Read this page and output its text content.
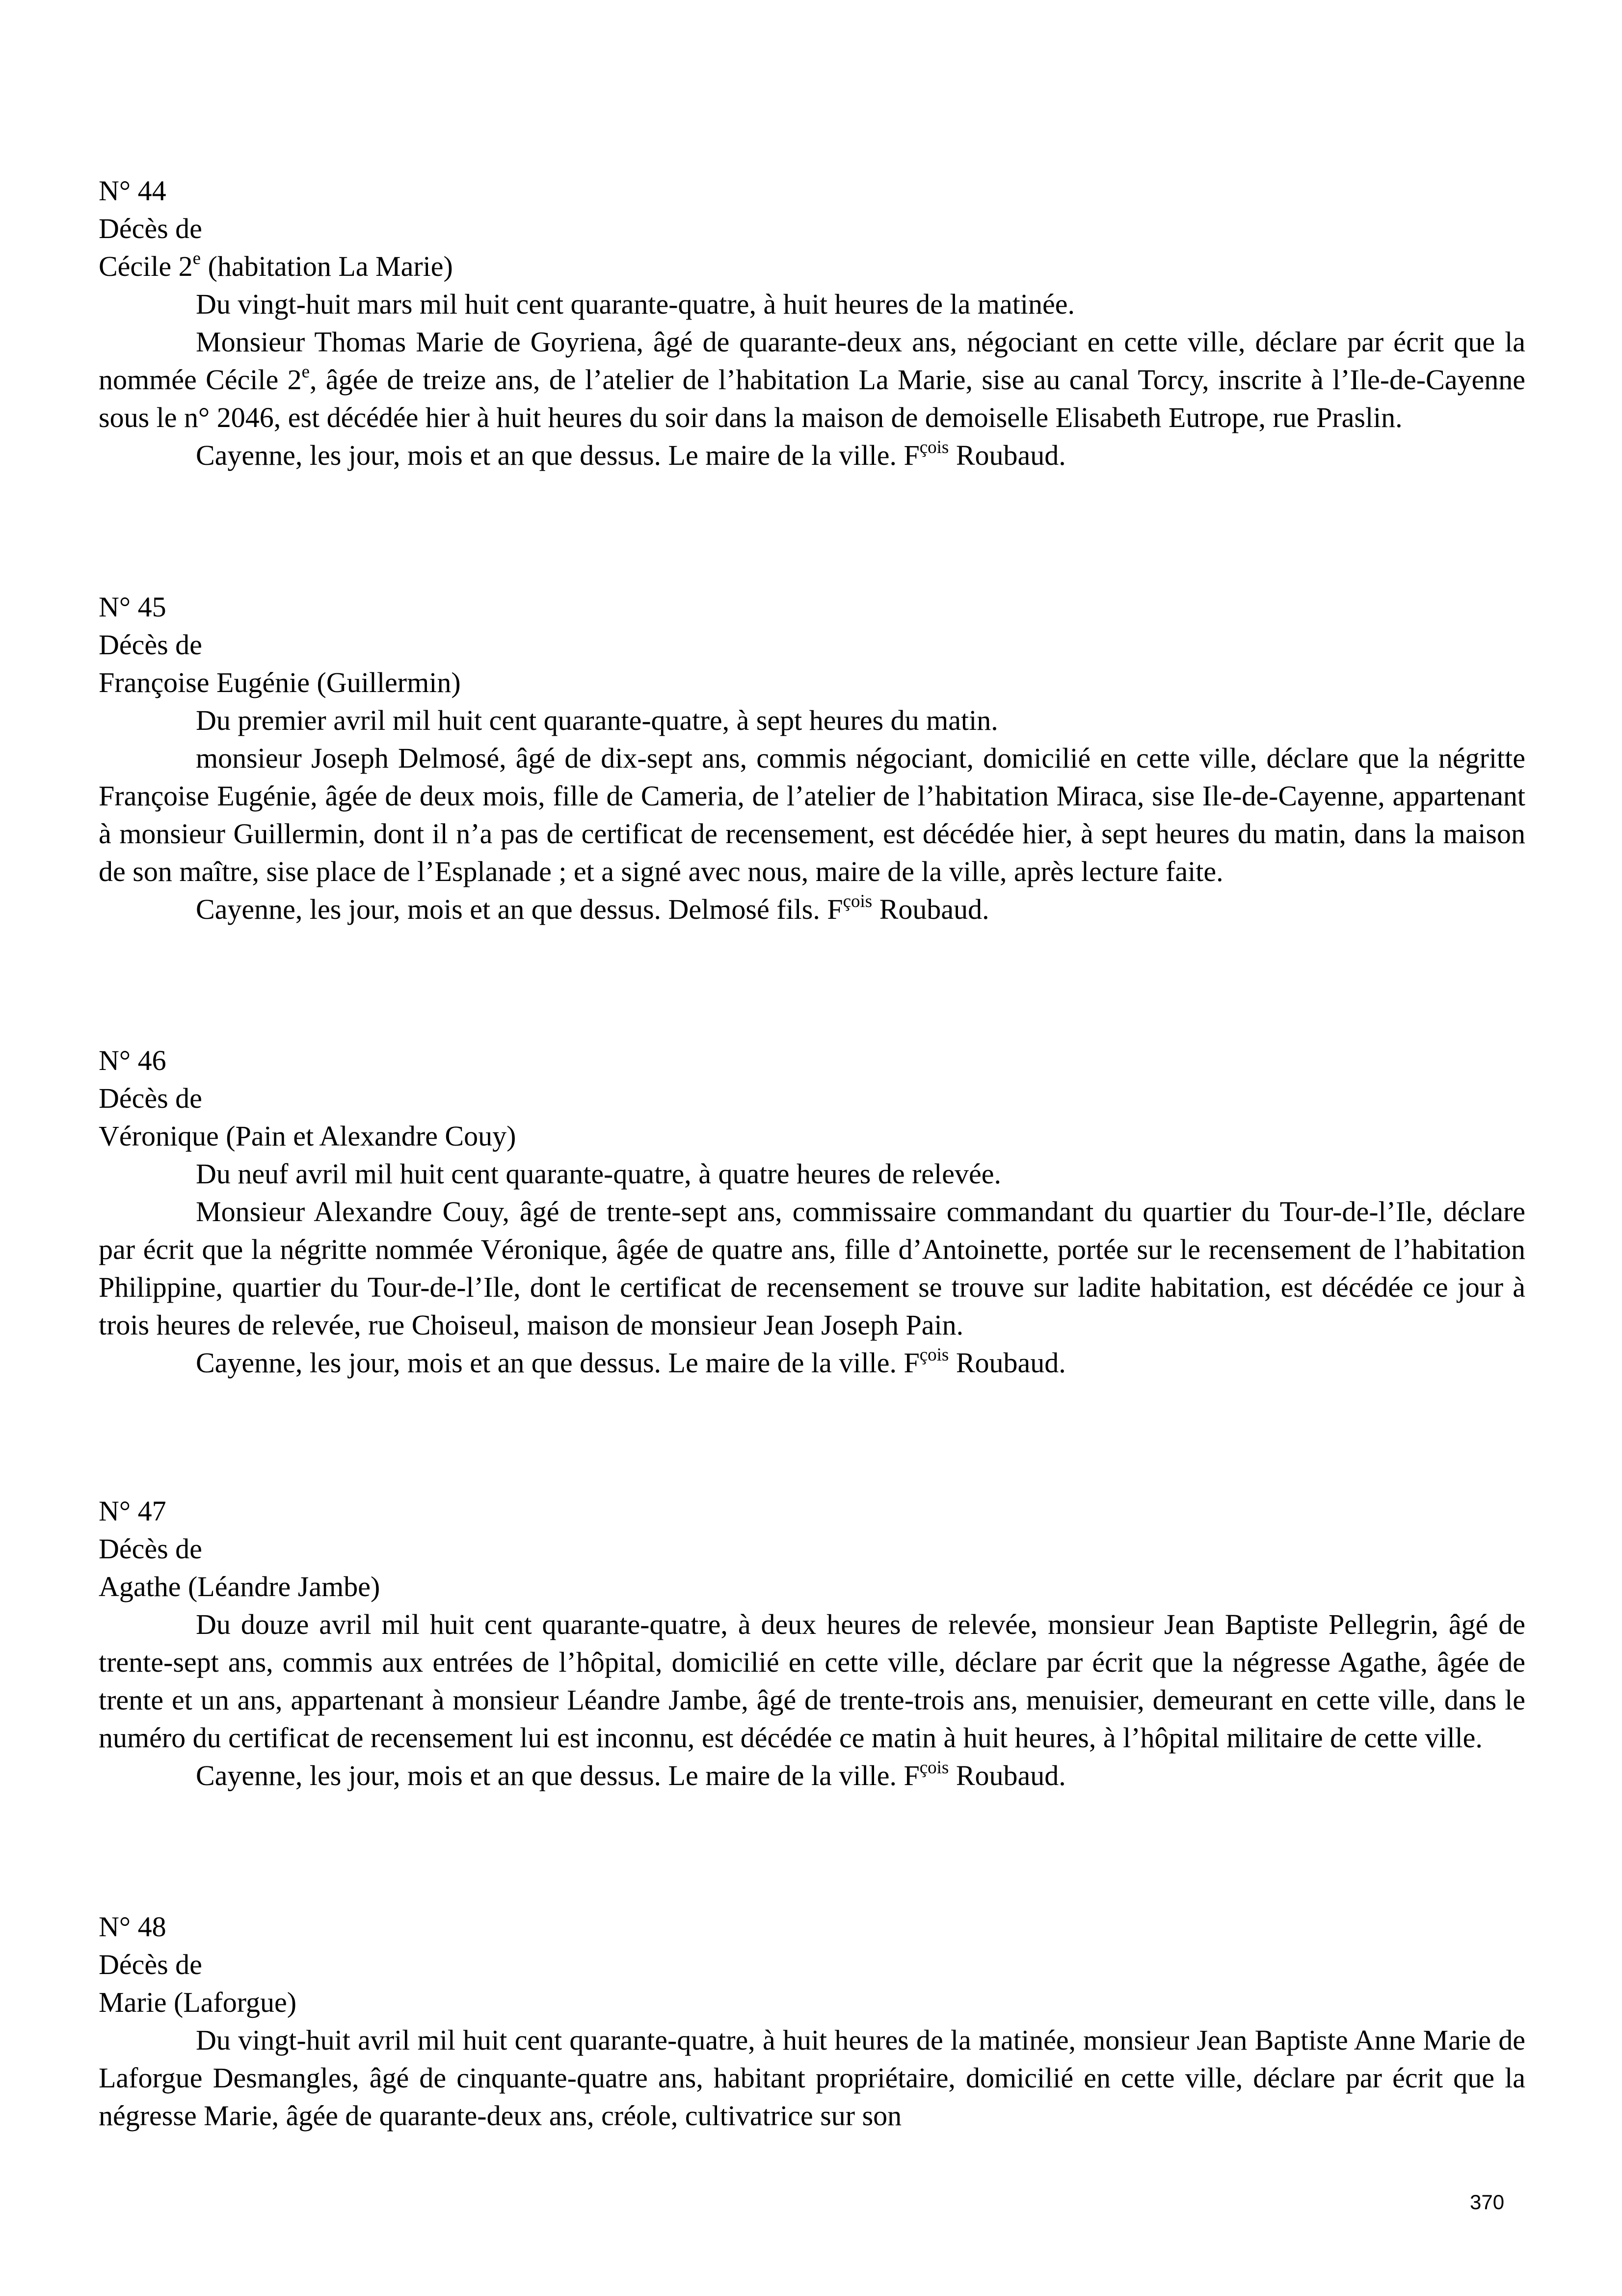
N° 44
Décès de
Cécile 2e (habitation La Marie)
Du vingt-huit mars mil huit cent quarante-quatre, à huit heures de la matinée.
Monsieur Thomas Marie de Goyriena, âgé de quarante-deux ans, négociant en cette ville, déclare par écrit que la nommée Cécile 2e, âgée de treize ans, de l’atelier de l’habitation La Marie, sise au canal Torcy, inscrite à l’Ile-de-Cayenne sous le n° 2046, est décédée hier à huit heures du soir dans la maison de demoiselle Elisabeth Eutrope, rue Praslin.
Cayenne, les jour, mois et an que dessus. Le maire de la ville. $F^{çois}$ Roubaud.
N° 45
Décès de
Françoise Eugénie (Guillermin)
Du premier avril mil huit cent quarante-quatre, à sept heures du matin.
monsieur Joseph Delmosé, âgé de dix-sept ans, commis négociant, domicilié en cette ville, déclare que la négritte Françoise Eugénie, âgée de deux mois, fille de Cameria, de l’atelier de l’habitation Miraca, sise Ile-de-Cayenne, appartenant à monsieur Guillermin, dont il n’a pas de certificat de recensement, est décédée hier, à sept heures du matin, dans la maison de son maître, sise place de l’Esplanade ; et a signé avec nous, maire de la ville, après lecture faite.
Cayenne, les jour, mois et an que dessus. Delmosé fils. $F^{çois}$ Roubaud.
N° 46
Décès de
Véronique (Pain et Alexandre Couy)
Du neuf avril mil huit cent quarante-quatre, à quatre heures de relevée.
Monsieur Alexandre Couy, âgé de trente-sept ans, commissaire commandant du quartier du Tour-de-l’Ile, déclare par écrit que la négritte nommée Véronique, âgée de quatre ans, fille d’Antoinette, portée sur le recensement de l’habitation Philippine, quartier du Tour-de-l’Ile, dont le certificat de recensement se trouve sur ladite habitation, est décédée ce jour à trois heures de relevée, rue Choiseul, maison de monsieur Jean Joseph Pain.
Cayenne, les jour, mois et an que dessus. Le maire de la ville. $F^{çois}$ Roubaud.
N° 47
Décès de
Agathe (Léandre Jambe)
Du douze avril mil huit cent quarante-quatre, à deux heures de relevée, monsieur Jean Baptiste Pellegrin, âgé de trente-sept ans, commis aux entrées de l’hôpital, domicilié en cette ville, déclare par écrit que la négresse Agathe, âgée de trente et un ans, appartenant à monsieur Léandre Jambe, âgé de trente-trois ans, menuisier, demeurant en cette ville, dans le numéro du certificat de recensement lui est inconnu, est décédée ce matin à huit heures, à l’hôpital militaire de cette ville.
Cayenne, les jour, mois et an que dessus. Le maire de la ville. $F^{çois}$ Roubaud.
N° 48
Décès de
Marie (Laforgue)
Du vingt-huit avril mil huit cent quarante-quatre, à huit heures de la matinée, monsieur Jean Baptiste Anne Marie de Laforgue Desmangles, âgé de cinquante-quatre ans, habitant propriétaire, domicilié en cette ville, déclare par écrit que la négresse Marie, âgée de quarante-deux ans, créole, cultivatrice sur son
370
